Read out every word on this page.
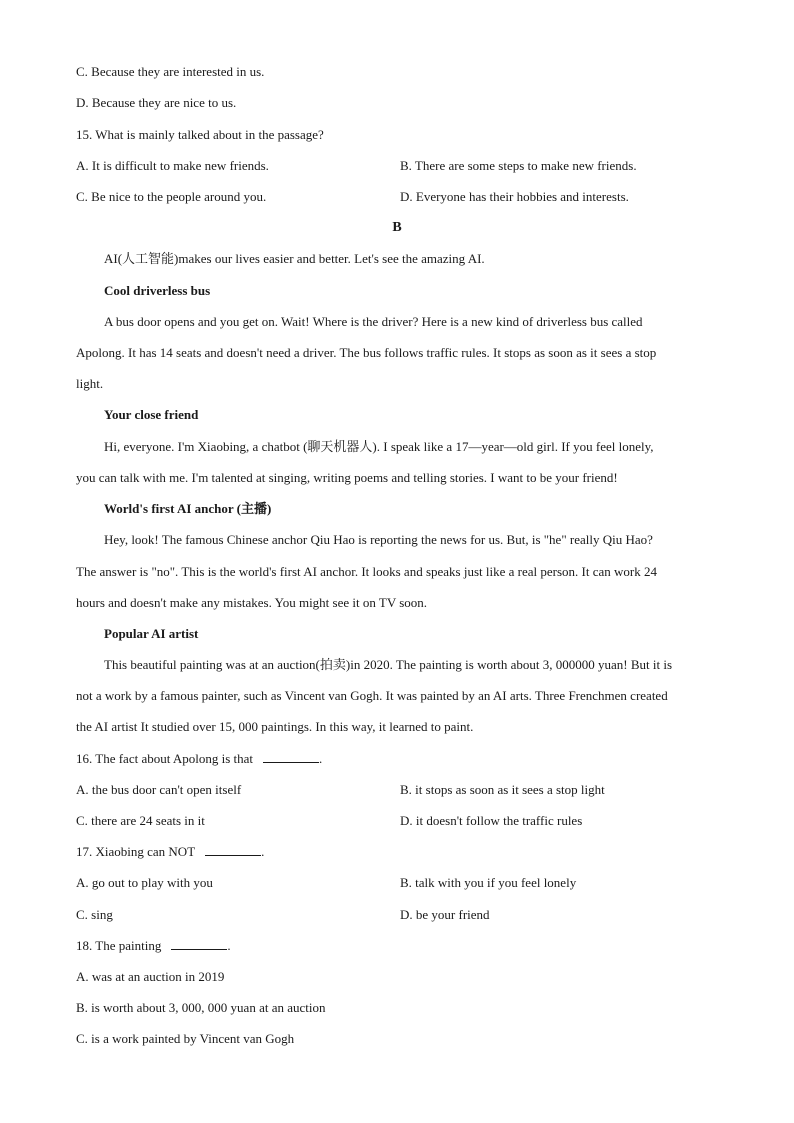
C. Because they are interested in us.
D. Because they are nice to us.
15. What is mainly talked about in the passage?
A. It is difficult to make new friends.	B. There are some steps to make new friends.
C. Be nice to the people around you.	D. Everyone has their hobbies and interests.
B
AI(人工智能)makes our lives easier and better. Let's see the amazing AI.
Cool driverless bus
A bus door opens and you get on. Wait! Where is the driver? Here is a new kind of driverless bus called
Apolong. It has 14 seats and doesn't need a driver. The bus follows traffic rules. It stops as soon as it sees a stop
light.
Your close friend
Hi, everyone. I'm Xiaobing, a chatbot (聊天机器人). I speak like a 17—year—old girl. If you feel lonely,
you can talk with me. I'm talented at singing, writing poems and telling stories. I want to be your friend!
World's first AI anchor (主播)
Hey, look! The famous Chinese anchor Qiu Hao is reporting the news for us. But, is "he" really Qiu Hao?
The answer is "no". This is the world's first AI anchor. It looks and speaks just like a real person. It can work 24
hours and doesn't make any mistakes. You might see it on TV soon.
Popular AI artist
This beautiful painting was at an auction(拍卖)in 2020. The painting is worth about 3, 000000 yuan! But it is
not a work by a famous painter, such as Vincent van Gogh. It was painted by an AI arts. Three Frenchmen created
the AI artist It studied over 15, 000 paintings. In this way, it learned to paint.
16. The fact about Apolong is that	.
A. the bus door can't open itself	B. it stops as soon as it sees a stop light
C. there are 24 seats in it	D. it doesn't follow the traffic rules
17. Xiaobing can NOT	.
A. go out to play with you	B. talk with you if you feel lonely
C. sing	D. be your friend
18. The painting	.
A. was at an auction in 2019
B. is worth about 3, 000, 000 yuan at an auction
C. is a work painted by Vincent van Gogh
